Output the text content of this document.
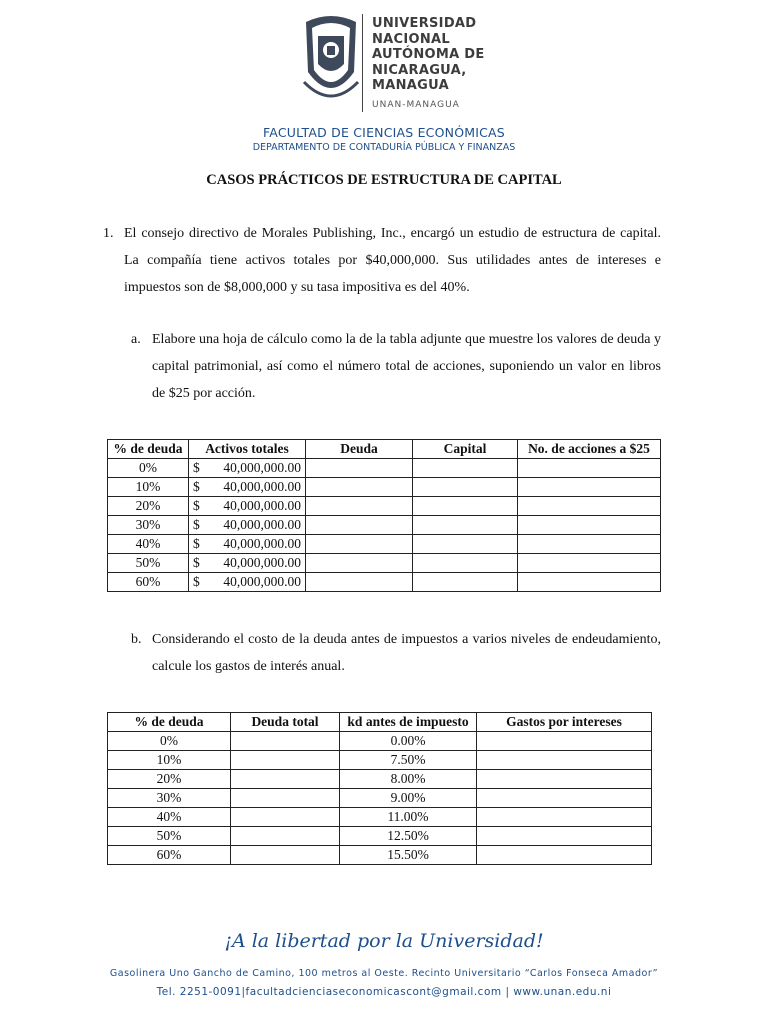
UNIVERSIDAD
NACIONAL
AUTÓNOMA DE
NICARAGUA,
MANAGUA
UNAN-MANAGUA
FACULTAD DE CIENCIAS ECONÓMICAS
DEPARTAMENTO DE CONTADURÍA PÚBLICA Y FINANZAS
CASOS PRÁCTICOS DE ESTRUCTURA DE CAPITAL
1. El consejo directivo de Morales Publishing, Inc., encargó un estudio de estructura de capital. La compañía tiene activos totales por $40,000,000. Sus utilidades antes de intereses e impuestos son de $8,000,000 y su tasa impositiva es del 40%.
a. Elabore una hoja de cálculo como la de la tabla adjunte que muestre los valores de deuda y capital patrimonial, así como el número total de acciones, suponiendo un valor en libros de $25 por acción.
% de deuda	Activos totales	Deuda	Capital	No. de acciones a $25
0%	$ 40,000,000.00			

10%	$ 40,000,000.00			

20%	$ 40,000,000.00			

30%	$ 40,000,000.00			

40%	$ 40,000,000.00			

50%	$ 40,000,000.00			

60%	$ 40,000,000.00			

b. Considerando el costo de la deuda antes de impuestos a varios niveles de endeudamiento, calcule los gastos de interés anual.
% de deuda	Deuda total	kd antes de impuesto	Gastos por intereses
0%		0.00%	
10%		7.50%	
20%		8.00%	
30%		9.00%	
40%		11.00%	
50%		12.50%	
60%		15.50%	
¡A la libertad por la Universidad!
Gasolinera Uno Gancho de Camino, 100 metros al Oeste. Recinto Universitario “Carlos Fonseca Amador”
Tel. 2251-0091|facultadcienciaseconomicascont@gmail.com | www.unan.edu.ni
